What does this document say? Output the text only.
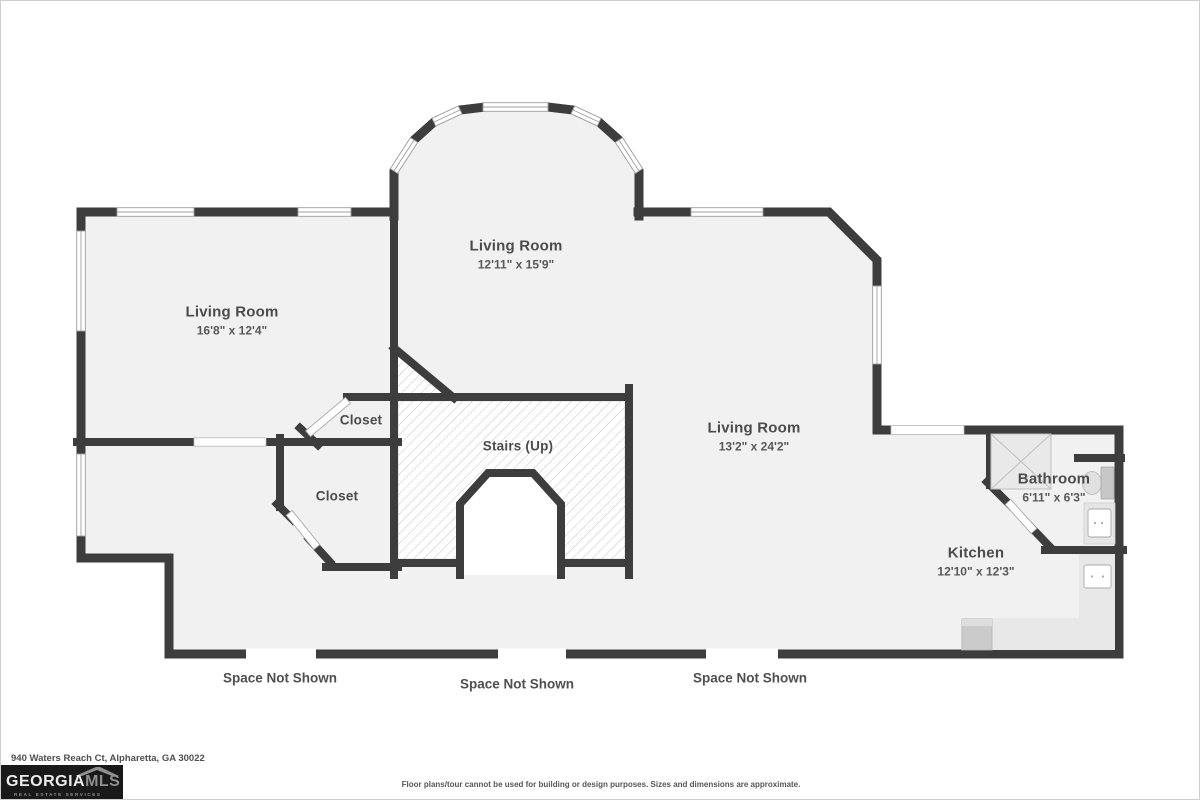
Living Room
12'11" x 15'9"
Living Room
16'8" x 12'4"
Living Room
13'2" x 24'2"
Closet
Closet
Stairs (Up)
Bathroom
6'11" x 6'3"
Kitchen
12'10" x 12'3"
Space Not Shown	Space Not Shown	Space Not Shown
940 Waters Reach Ct, Alpharetta, GA 30022
GEORGIAMLS
REAL ESTATE SERVICES
Floor plans/tour cannot be used for building or design purposes. Sizes and dimensions are approximate.
